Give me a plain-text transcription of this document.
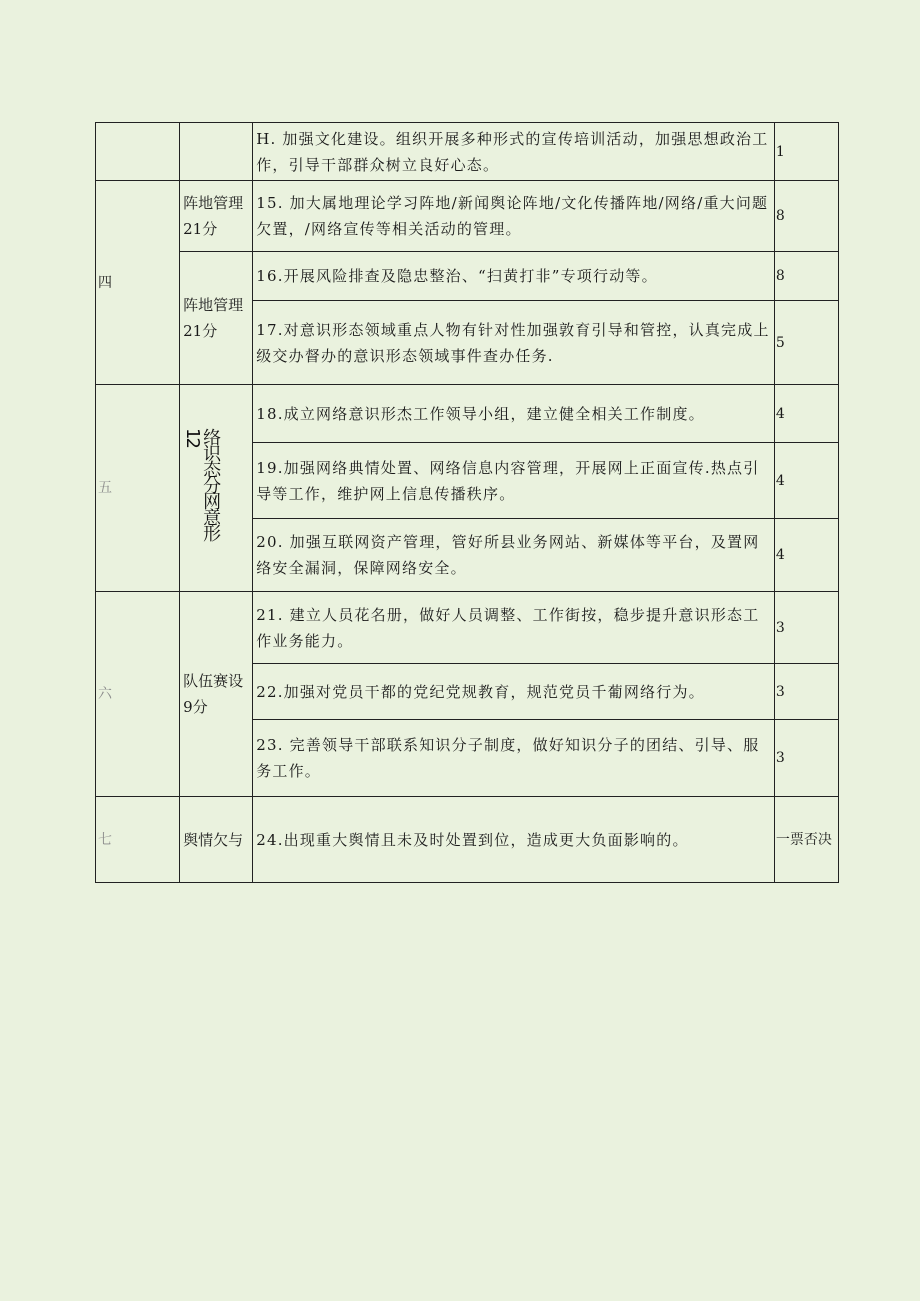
		H. 加强文化建设。组织开展多种形式的宣传培训活动，加强思想政治工作，引导干部群众树立良好心态。	1
四	阵地管理21分	15. 加大属地理论学习阵地/新闻舆论阵地/文化传播阵地/网络/重大问题欠置，/网络宣传等相关活动的管理。	8
	阵地管理21分	16.开展风险排查及隐忠整治、“扫黄打非”专项行动等。	8
		17.对意识形态领域重点人物有针对性加强敦育引导和管控，认真完成上级交办督办的意识形态领域事件查办任务.	5
五	络识态分网意形12	18.成立网络意识形杰工作领导小组，建立健全相关工作制度。	4
		19.加强网络典情处置、网络信息内容管理，开展网上正面宣传.热点引导等工作，维护网上信息传播秩序。	4
		20. 加强互联网资产管理，管好所县业务网站、新媒体等平台，及置网络安全漏洞，保障网络安全。	4
六	队伍赛设9分	21. 建立人员花名册，做好人员调整、工作街按，稳步提升意识形态工作业务能力。	3
		22.加强对党员干都的党纪党规教育，规范党员千葡网络行为。	3
		23. 完善领导干部联系知识分子制度，做好知识分子的团结、引导、服务工作。	3
七	舆情欠与	24.出现重大舆情且未及时处置到位，造成更大负面影响的。	一票否决
